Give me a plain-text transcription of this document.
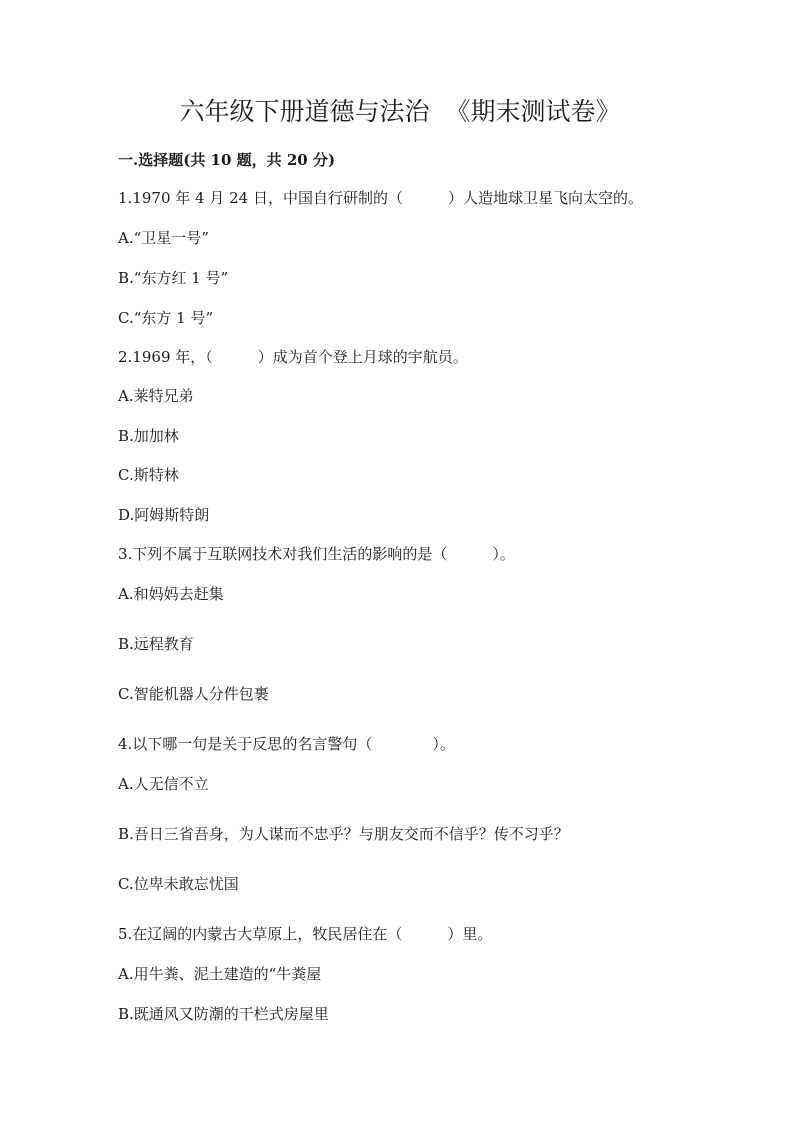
六年级下册道德与法治  《期末测试卷》
一.选择题(共 10 题，共 20 分)
1.1970 年 4 月 24 日，中国自行研制的（　　　）人造地球卫星飞向太空的。
A.“卫星一号”
B.“东方红 1 号”
C.“东方 1 号”
2.1969 年，（　　　）成为首个登上月球的宇航员。
A.莱特兄弟
B.加加林
C.斯特林
D.阿姆斯特朗
3.下列不属于互联网技术对我们生活的影响的是（　　　）。
A.和妈妈去赶集
B.远程教育
C.智能机器人分件包裹
4.以下哪一句是关于反思的名言警句（　　　　）。
A.人无信不立
B.吾日三省吾身，为人谋而不忠乎？与朋友交而不信乎？传不习乎？
C.位卑未敢忘忧国
5.在辽阔的内蒙古大草原上，牧民居住在（　　　）里。
A.用牛粪、泥土建造的“牛粪屋
B.既通风又防潮的干栏式房屋里
